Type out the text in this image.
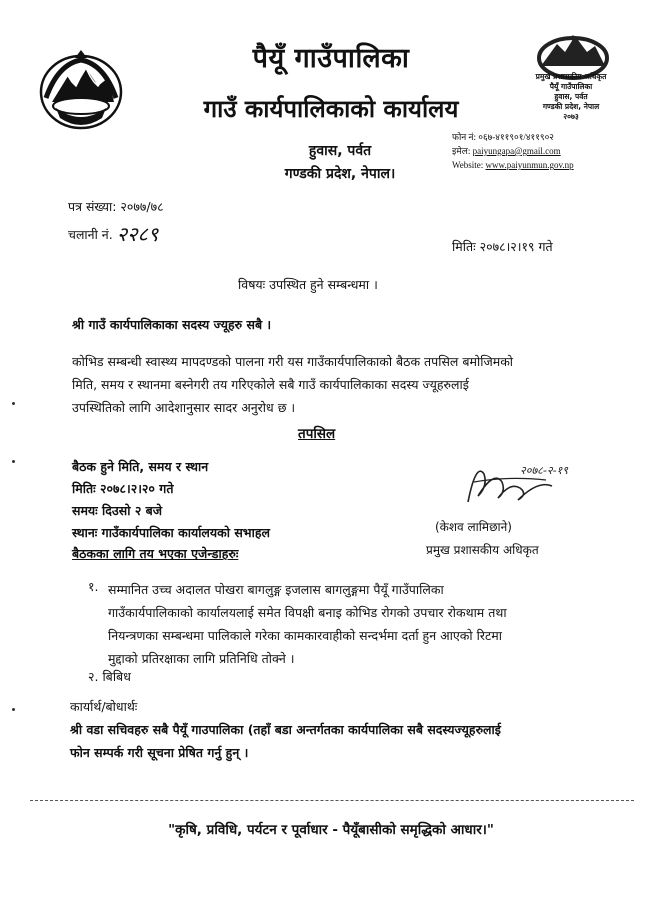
प्रमुख प्रशासकीय अधिकृत
पैयूँ गाउँपालिका
हुवास, पर्वत
गण्डकी प्रदेश, नेपाल
२०७३
पैयूँ गाउँपालिका
गाउँ कार्यपालिकाको कार्यालय
हुवास, पर्वत
गण्डकी प्रदेश, नेपाल।
फोन नं: ०६७-४११९०१/४११९०२
इमेल: paiyungapa@gmail.com
Website: www.paiyunmun.gov.np
पत्र संख्या: २०७७/७८
चलानी नं. २२८९
मितिः २०७८।२।१९ गते
विषयः उपस्थित हुने सम्बन्धमा ।
श्री गाउँ कार्यपालिकाका सदस्य ज्यूहरु सबै ।
कोभिड सम्बन्धी स्वास्थ्य मापदण्डको पालना गरी यस गाउँकार्यपालिकाको बैठक तपसिल बमोजिमको
मिति, समय र स्थानमा बस्नेगरी तय गरिएकोले सबै गाउँ कार्यपालिकाका सदस्य ज्यूहरुलाई
उपस्थितिको लागि आदेशानुसार सादर अनुरोध छ ।
तपसिल
बैठक हुने मिति, समय र स्थान
मितिः २०७८।२।२० गते
समयः दिउसो २ बजे
स्थानः गाउँकार्यपालिका कार्यालयको सभाहल
बैठकका लागि तय भएका एजेन्डाहरुः
२०७८-२-१९
(केशव लामिछाने)
प्रमुख प्रशासकीय अधिकृत
१. सम्मानित उच्च अदालत पोखरा बागलुङ्ग इजलास बागलुङ्गमा पैयूँ गाउँपालिका
गाउँकार्यपालिकाको कार्यालयलाई समेत विपक्षी बनाइ कोभिड रोगको उपचार रोकथाम तथा
नियन्त्रणका सम्बन्धमा पालिकाले गरेका कामकारवाहीको सन्दर्भमा दर्ता हुन आएको रिटमा
मुद्दाको प्रतिरक्षाका लागि प्रतिनिधि तोक्ने ।
२. बिबिध
कार्यार्थ/बोधार्थः
श्री वडा सचिवहरु सबै पैयूँ गाउपालिका (तहाँ बडा अन्तर्गतका कार्यपालिका सबै सदस्यज्यूहरुलाई
फोन सम्पर्क गरी सूचना प्रेषित गर्नु हुन् ।
"कृषि, प्रविधि, पर्यटन र पूर्वाधार - पैयूँबासीको समृद्धिको आधार।"
